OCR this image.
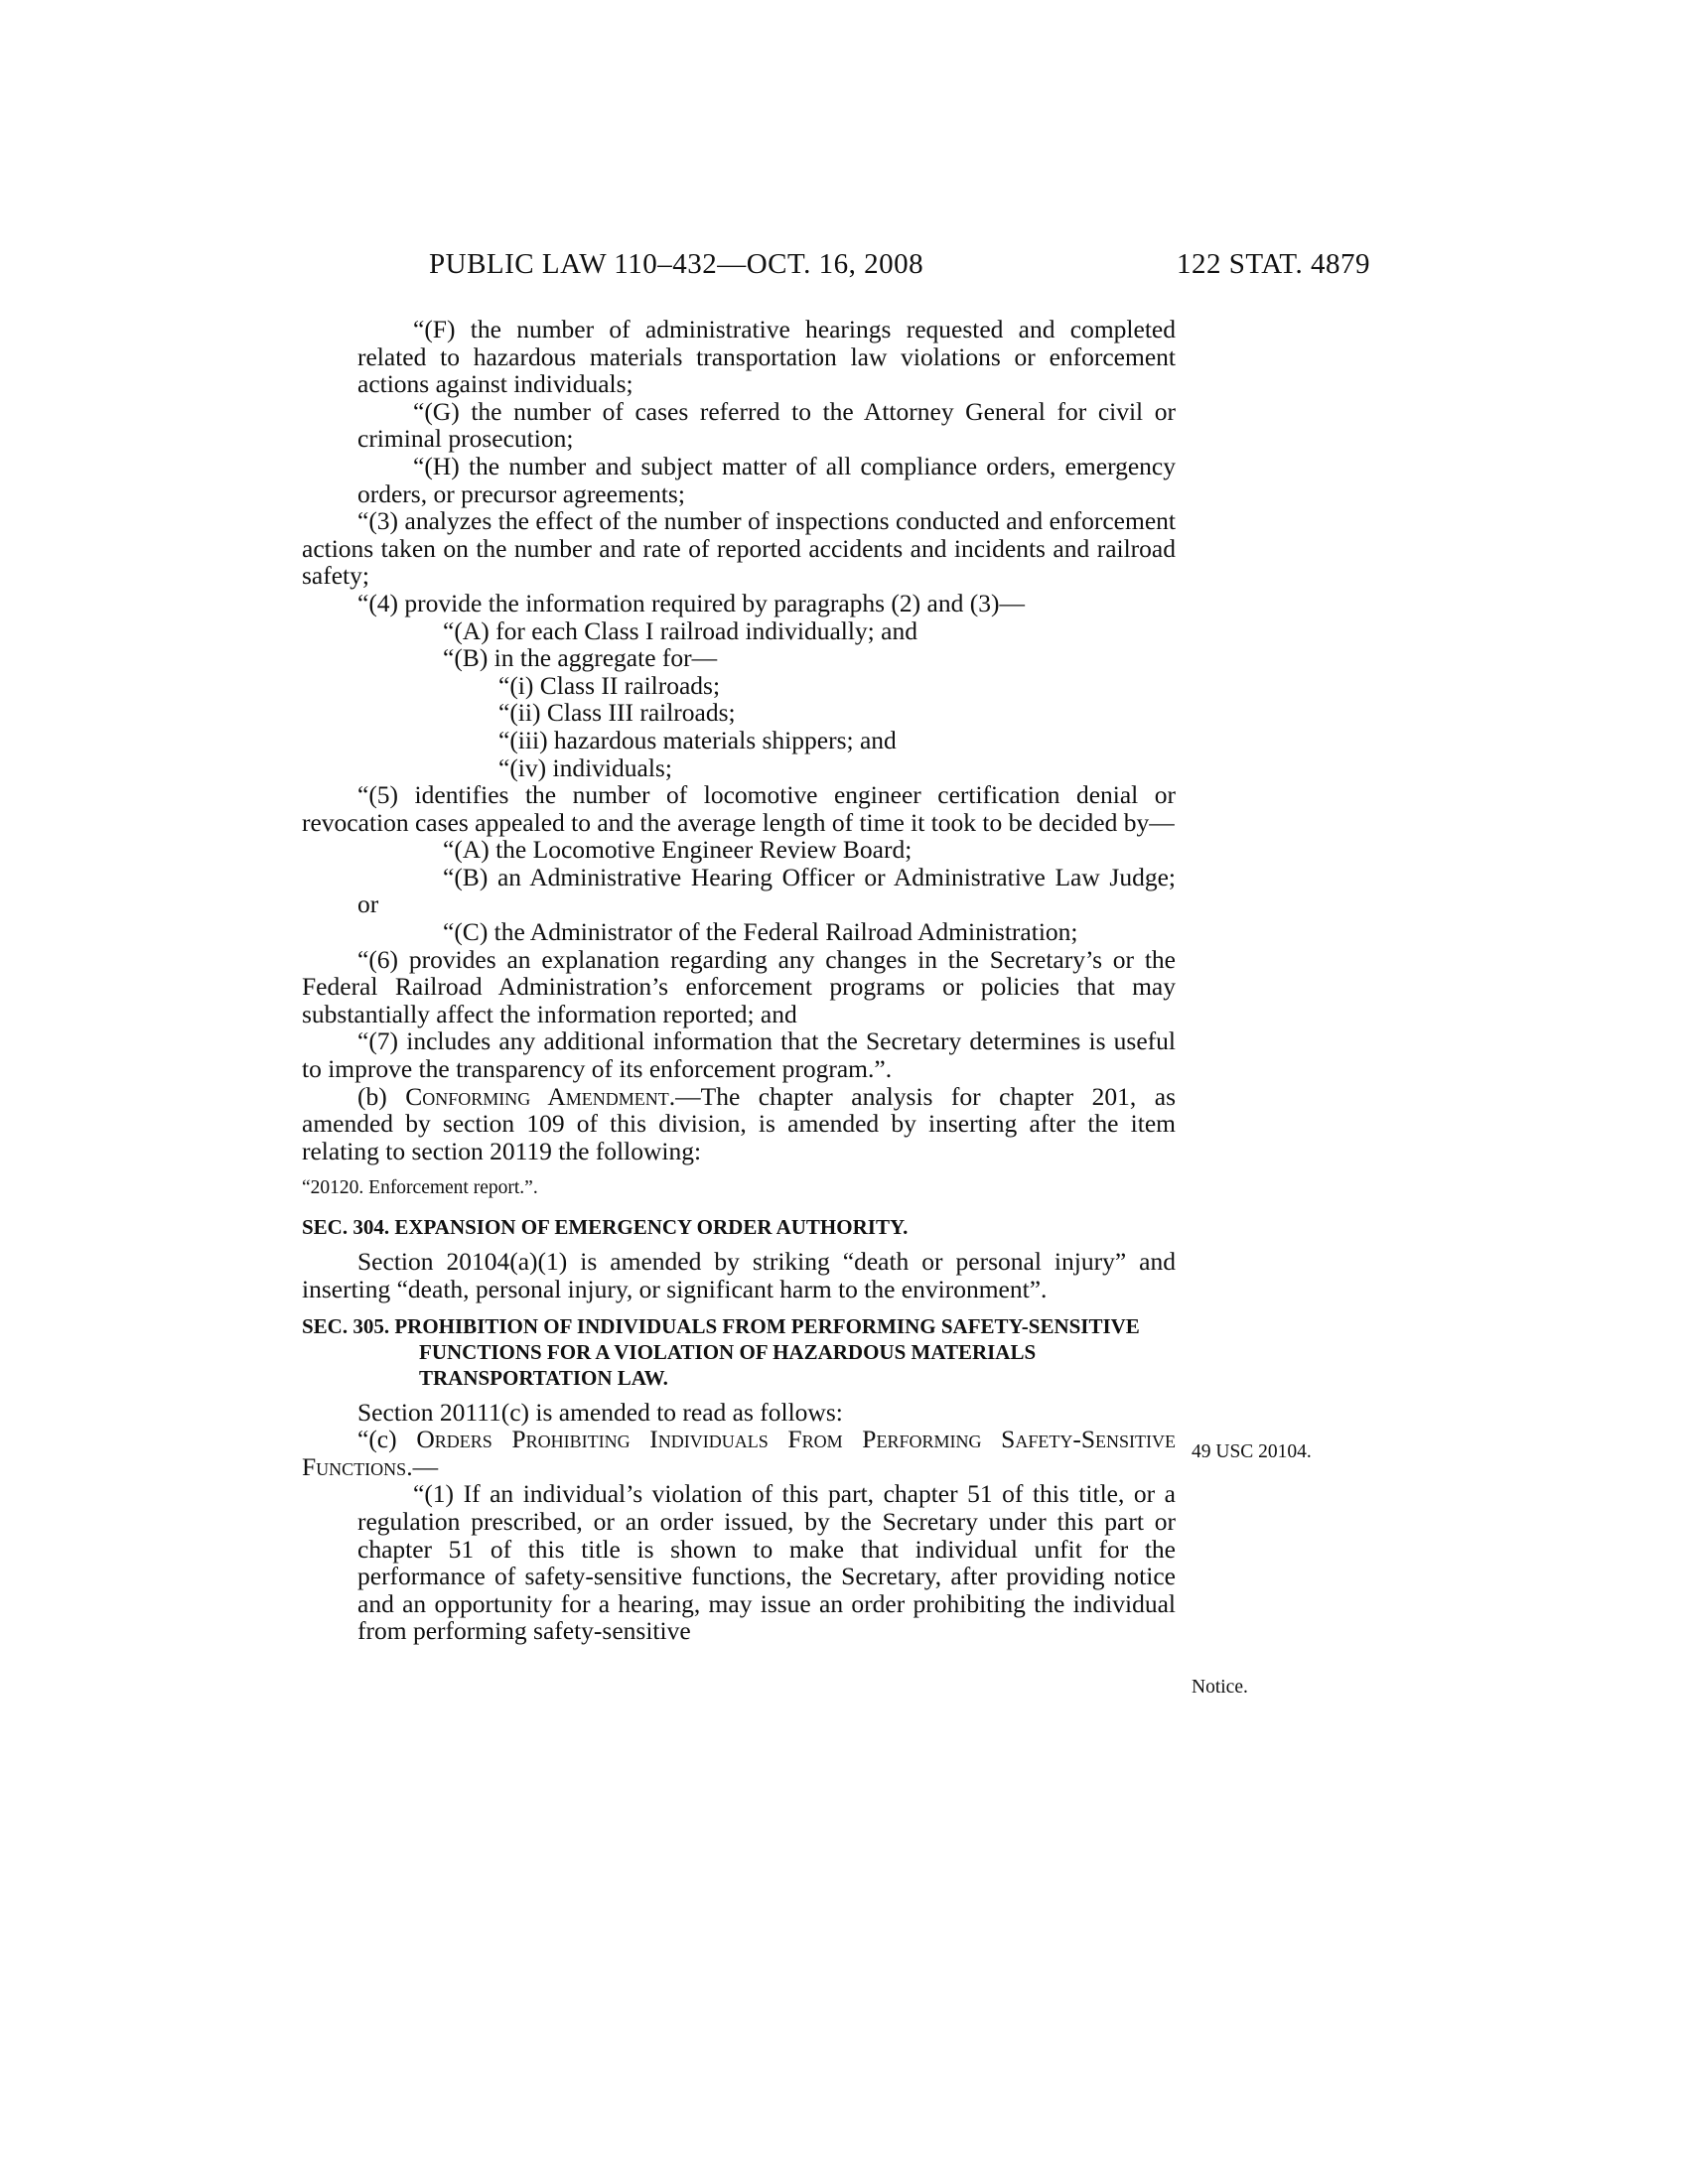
PUBLIC LAW 110–432—OCT. 16, 2008	122 STAT. 4879

“(F) the number of administrative hearings requested and completed related to hazardous materials transportation law violations or enforcement actions against individuals;

“(G) the number of cases referred to the Attorney General for civil or criminal prosecution;

“(H) the number and subject matter of all compliance orders, emergency orders, or precursor agreements;

“(3) analyzes the effect of the number of inspections conducted and enforcement actions taken on the number and rate of reported accidents and incidents and railroad safety;

“(4) provide the information required by paragraphs (2) and (3)—

“(A) for each Class I railroad individually; and

“(B) in the aggregate for—

“(i) Class II railroads;

“(ii) Class III railroads;

“(iii) hazardous materials shippers; and

“(iv) individuals;

“(5) identifies the number of locomotive engineer certification denial or revocation cases appealed to and the average length of time it took to be decided by—

“(A) the Locomotive Engineer Review Board;

“(B) an Administrative Hearing Officer or Administrative Law Judge; or

“(C) the Administrator of the Federal Railroad Administration;

“(6) provides an explanation regarding any changes in the Secretary’s or the Federal Railroad Administration’s enforcement programs or policies that may substantially affect the information reported; and

“(7) includes any additional information that the Secretary determines is useful to improve the transparency of its enforcement program.”.

(b) Conforming Amendment.—The chapter analysis for chapter 201, as amended by section 109 of this division, is amended by inserting after the item relating to section 20119 the following:

“20120. Enforcement report.”.

SEC. 304. EXPANSION OF EMERGENCY ORDER AUTHORITY.

Section 20104(a)(1) is amended by striking “death or personal injury” and inserting “death, personal injury, or significant harm to the environment”.

SEC. 305. PROHIBITION OF INDIVIDUALS FROM PERFORMING SAFETY-SENSITIVE FUNCTIONS FOR A VIOLATION OF HAZARDOUS MATERIALS TRANSPORTATION LAW.

Section 20111(c) is amended to read as follows:

“(c) Orders Prohibiting Individuals From Performing Safety-Sensitive Functions.—

“(1) If an individual’s violation of this part, chapter 51 of this title, or a regulation prescribed, or an order issued, by the Secretary under this part or chapter 51 of this title is shown to make that individual unfit for the performance of safety-sensitive functions, the Secretary, after providing notice and an opportunity for a hearing, may issue an order prohibiting the individual from performing safety-sensitive

49 USC 20104.
Notice.
